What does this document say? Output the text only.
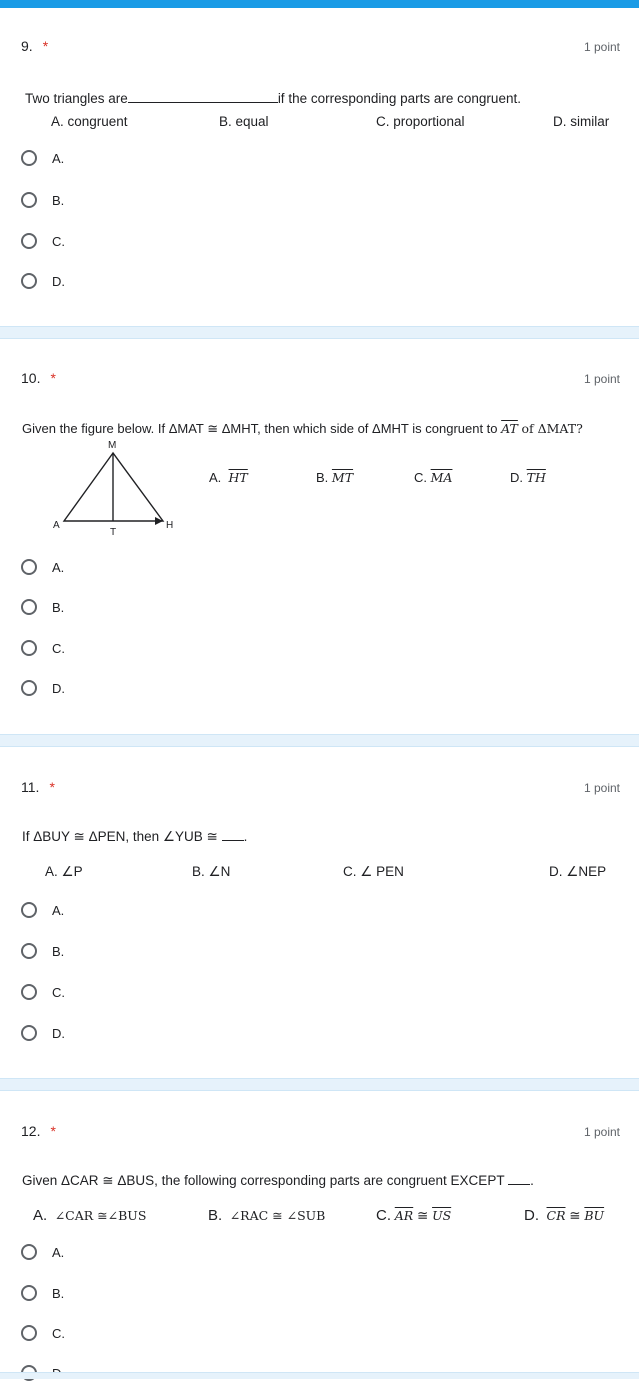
9. *	1 point
Two triangles are	if the corresponding parts are congruent.
A. congruent	B. equal	C. proportional	D. similar
A.
B.
C.
D.
10. *	1 point
Given the figure below. If ΔMAT ≅ ΔMHT, then which side of ΔMHT is congruent to $\overline{AT}$ of ΔMAT?
M
A
T
H
A. $\overline{HT}$	B. $\overline{MT}$	C. $\overline{MA}$	D. $\overline{TH}$
A.
B.
C.
D.
11. *	1 point
If ΔBUY ≅ ΔPEN, then ∠YUB ≅ .
A. ∠P	B. ∠N	C. ∠ PEN	D. ∠NEP
A.
B.
C.
D.
12. *	1 point
Given ΔCAR ≅ ΔBUS, the following corresponding parts are congruent EXCEPT .
A. ∠CAR ≅∠BUS	B. ∠RAC ≅ ∠SUB	C. $\overline{AR}$ ≅ $\overline{US}$	D. $\overline{CR}$ ≅ $\overline{BU}$
A.
B.
C.
